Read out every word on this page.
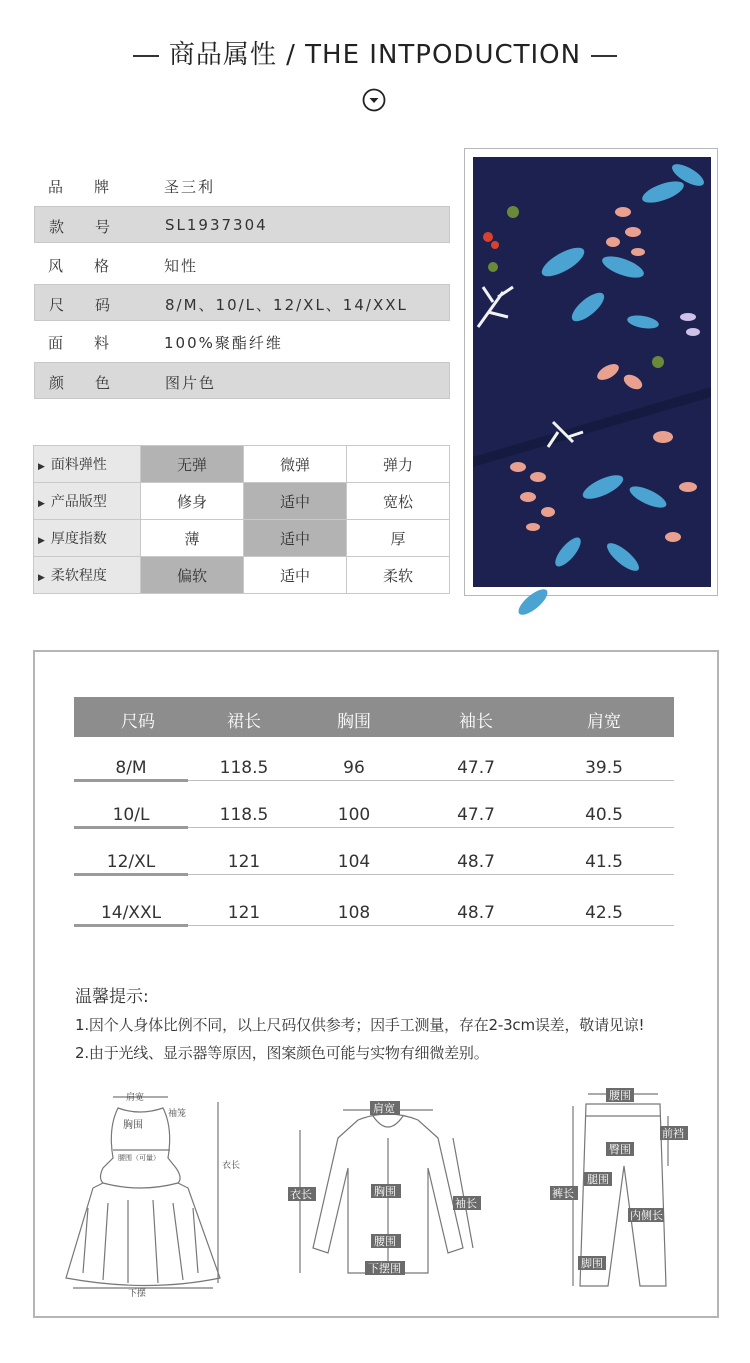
商品属性 / THE INTPODUCTION
品 牌	圣三利
款 号	SL1937304
风 格	知性
尺 码	8/M、10/L、12/XL、14/XXL
面 料	100%聚酯纤维
颜 色	图片色
▶ 面料弹性	无弹	微弹	弹力
▶ 产品版型	修身	适中	宽松
▶ 厚度指数	薄	适中	厚
▶ 柔软程度	偏软	适中	柔软
尺码	裙长	胸围	袖长	肩宽
8/M	118.5	96	47.7	39.5
10/L	118.5	100	47.7	40.5
12/XL	121	104	48.7	41.5
14/XXL	121	108	48.7	42.5
温馨提示:
1.因个人身体比例不同，以上尺码仅供参考；因手工测量，存在2-3cm误差，敬请见谅!
2.由于光线、显示器等原因，图案颜色可能与实物有细微差别。
肩宽
胸围
袖笼
腰围（可量）
衣长
下摆
肩宽
衣长	胸围
袖长
腰围
下摆围
腰围
前裆
臀围
腿围
裤长
内侧长
脚围
